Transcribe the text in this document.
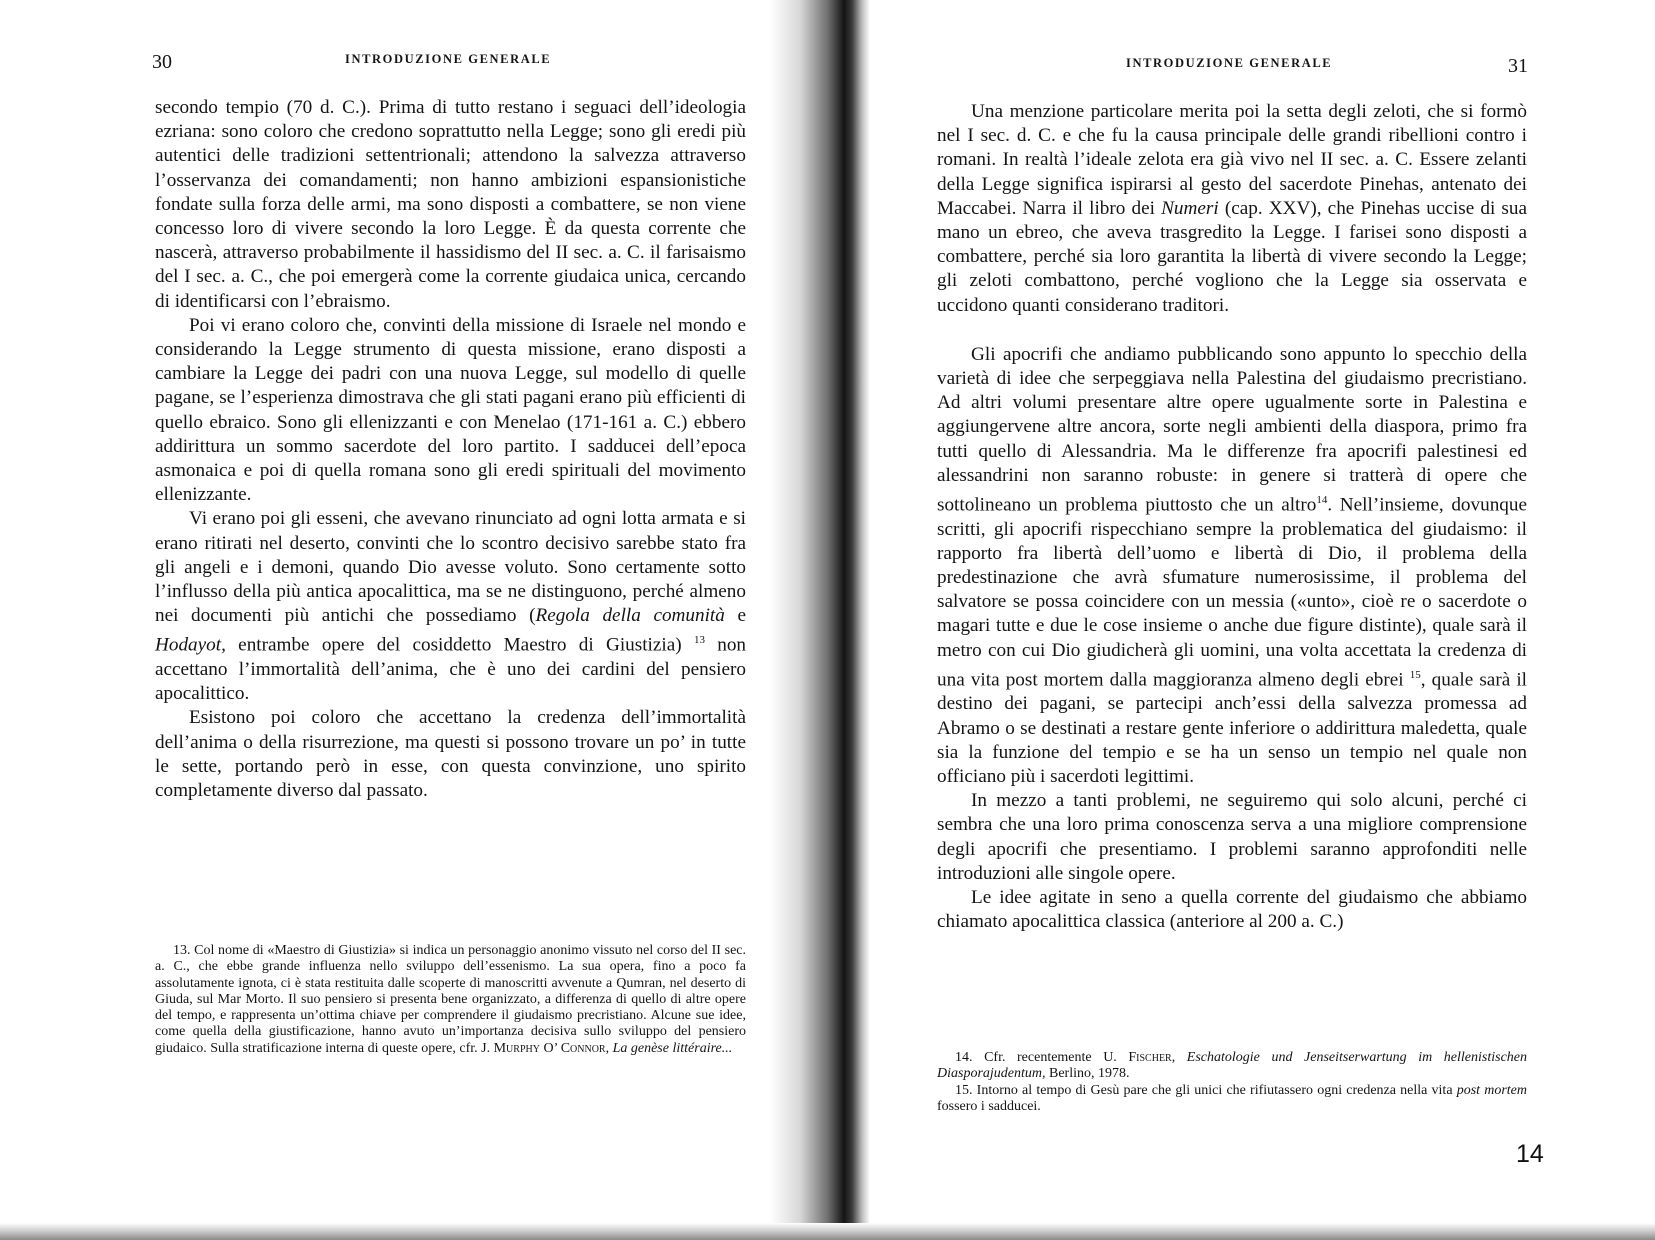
30	INTRODUZIONE GENERALE

secondo tempio (70 d. C.). Prima di tutto restano i seguaci dell’ideologia ezriana: sono coloro che credono soprattutto nella Legge; sono gli eredi più autentici delle tradizioni settentrionali; attendono la salvezza attraverso l’osservanza dei comandamenti; non hanno ambizioni espansionistiche fondate sulla forza delle armi, ma sono disposti a combattere, se non viene concesso loro di vivere secondo la loro Legge. È da questa corrente che nascerà, attraverso probabilmente il hassidismo del II sec. a. C. il farisaismo del I sec. a. C., che poi emergerà come la corrente giudaica unica, cercando di identificarsi con l’ebraismo.

Poi vi erano coloro che, convinti della missione di Israele nel mondo e considerando la Legge strumento di questa missione, erano disposti a cambiare la Legge dei padri con una nuova Legge, sul modello di quelle pagane, se l’esperienza dimostrava che gli stati pagani erano più efficienti di quello ebraico. Sono gli ellenizzanti e con Menelao (171-161 a. C.) ebbero addirittura un sommo sacerdote del loro partito. I sadducei dell’epoca asmonaica e poi di quella romana sono gli eredi spirituali del movimento ellenizzante.

Vi erano poi gli esseni, che avevano rinunciato ad ogni lotta armata e si erano ritirati nel deserto, convinti che lo scontro decisivo sarebbe stato fra gli angeli e i demoni, quando Dio avesse voluto. Sono certamente sotto l’influsso della più antica apocalittica, ma se ne distinguono, perché almeno nei documenti più antichi che possediamo (Regola della comunità e Hodayot, entrambe opere del cosiddetto Maestro di Giustizia) $^{13}$ non accettano l’immortalità dell’anima, che è uno dei cardini del pensiero apocalittico.

Esistono poi coloro che accettano la credenza dell’immortalità dell’anima o della risurrezione, ma questi si possono trovare un po’ in tutte le sette, portando però in esse, con questa convinzione, uno spirito completamente diverso dal passato.

13. Col nome di «Maestro di Giustizia» si indica un personaggio anonimo vissuto nel corso del II sec. a. C., che ebbe grande influenza nello sviluppo dell’essenismo. La sua opera, fino a poco fa assolutamente ignota, ci è stata restituita dalle scoperte di manoscritti avvenute a Qumran, nel deserto di Giuda, sul Mar Morto. Il suo pensiero si presenta bene organizzato, a differenza di quello di altre opere del tempo, e rappresenta un’ottima chiave per comprendere il giudaismo precristiano. Alcune sue idee, come quella della giustificazione, hanno avuto un’importanza decisiva sullo sviluppo del pensiero giudaico. Sulla stratificazione interna di queste opere, cfr. J. Murphy O’ Connor, La genèse littéraire...

INTRODUZIONE GENERALE	31

Una menzione particolare merita poi la setta degli zeloti, che si formò nel I sec. d. C. e che fu la causa principale delle grandi ribellioni contro i romani. In realtà l’ideale zelota era già vivo nel II sec. a. C. Essere zelanti della Legge significa ispirarsi al gesto del sacerdote Pinehas, antenato dei Maccabei. Narra il libro dei Numeri (cap. XXV), che Pinehas uccise di sua mano un ebreo, che aveva trasgredito la Legge. I farisei sono disposti a combattere, perché sia loro garantita la libertà di vivere secondo la Legge; gli zeloti combattono, perché vogliono che la Legge sia osservata e uccidono quanti considerano traditori.

Gli apocrifi che andiamo pubblicando sono appunto lo specchio della varietà di idee che serpeggiava nella Palestina del giudaismo precristiano. Ad altri volumi presentare altre opere ugualmente sorte in Palestina e aggiungervene altre ancora, sorte negli ambienti della diaspora, primo fra tutti quello di Alessandria. Ma le differenze fra apocrifi palestinesi ed alessandrini non saranno robuste: in genere si tratterà di opere che sottolineano un problema piuttosto che un altro$^{14}$. Nell’insieme, dovunque scritti, gli apocrifi rispecchiano sempre la problematica del giudaismo: il rapporto fra libertà dell’uomo e libertà di Dio, il problema della predestinazione che avrà sfumature numerosissime, il problema del salvatore se possa coincidere con un messia («unto», cioè re o sacerdote o magari tutte e due le cose insieme o anche due figure distinte), quale sarà il metro con cui Dio giudicherà gli uomini, una volta accettata la credenza di una vita post mortem dalla maggioranza almeno degli ebrei $^{15}$, quale sarà il destino dei pagani, se partecipi anch’essi della salvezza promessa ad Abramo o se destinati a restare gente inferiore o addirittura maledetta, quale sia la funzione del tempio e se ha un senso un tempio nel quale non officiano più i sacerdoti legittimi.

In mezzo a tanti problemi, ne seguiremo qui solo alcuni, perché ci sembra che una loro prima conoscenza serva a una migliore comprensione degli apocrifi che presentiamo. I problemi saranno approfonditi nelle introduzioni alle singole opere.

Le idee agitate in seno a quella corrente del giudaismo che abbiamo chiamato apocalittica classica (anteriore al 200 a. C.)

14. Cfr. recentemente U. Fischer, Eschatologie und Jenseitserwartung im hellenistischen Diasporajudentum, Berlino, 1978.

15. Intorno al tempo di Gesù pare che gli unici che rifiutassero ogni credenza nella vita post mortem fossero i sadducei.

14
